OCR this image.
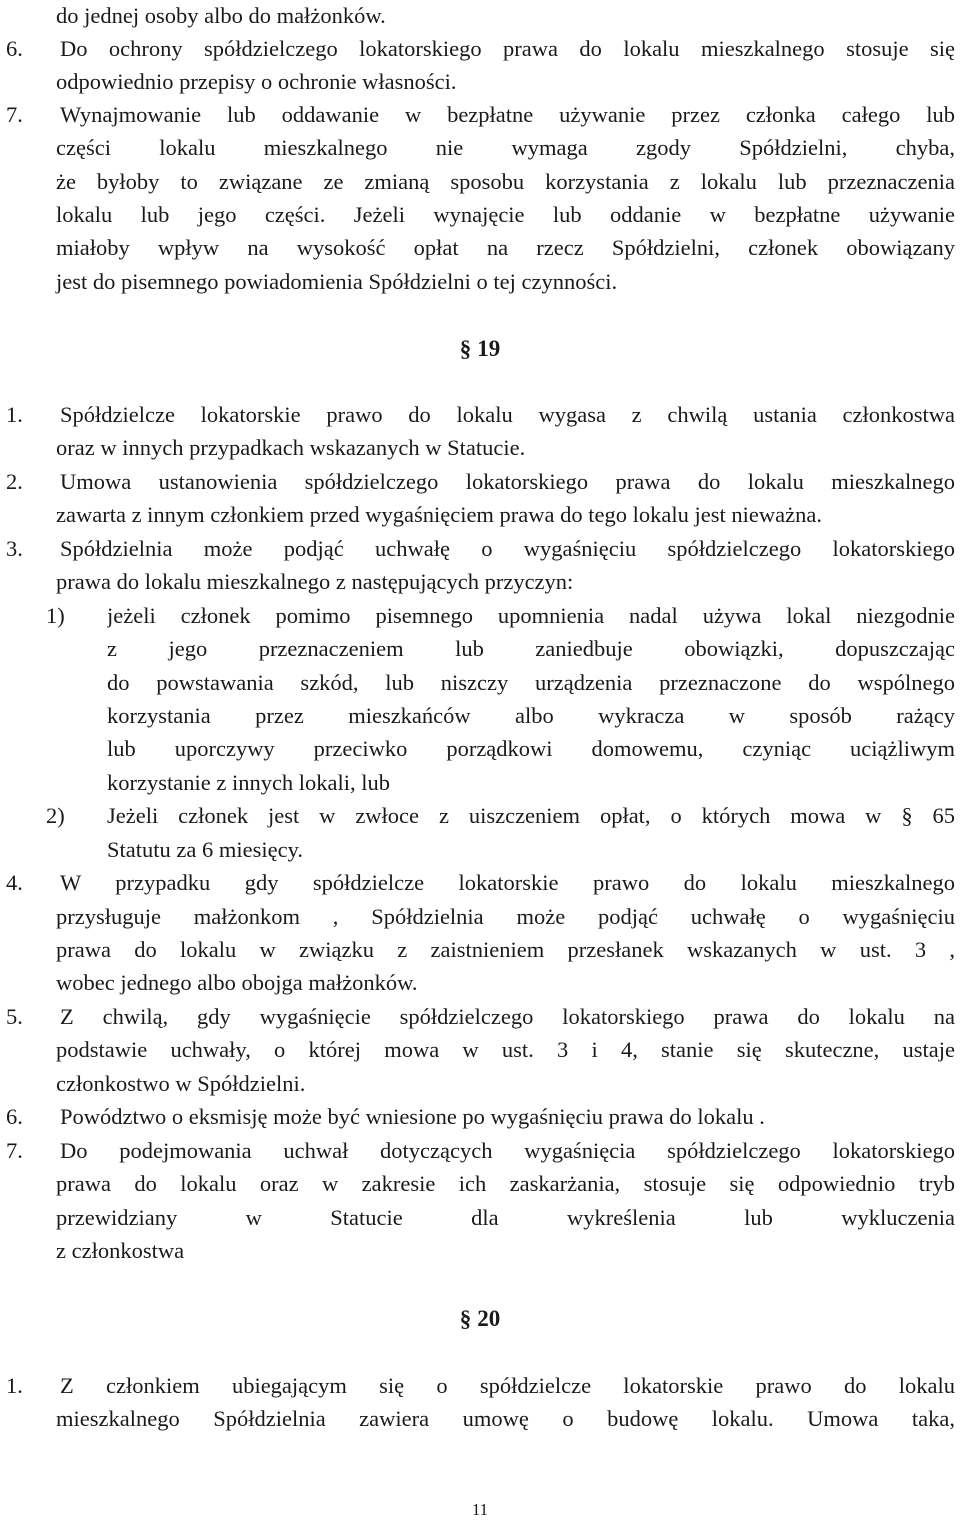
do jednej osoby albo do małżonków.
6. Do ochrony spółdzielczego lokatorskiego prawa do lokalu mieszkalnego stosuje się
odpowiednio przepisy o ochronie własności.
7. Wynajmowanie lub oddawanie w bezpłatne używanie przez członka całego lub
części lokalu mieszkalnego nie wymaga zgody Spółdzielni, chyba,
że byłoby to związane ze zmianą sposobu korzystania z lokalu lub przeznaczenia
lokalu lub jego części. Jeżeli wynajęcie lub oddanie w bezpłatne używanie
miałoby wpływ na wysokość opłat na rzecz Spółdzielni, członek obowiązany
jest do pisemnego powiadomienia Spółdzielni o tej czynności.
§ 19
1. Spółdzielcze lokatorskie prawo do lokalu wygasa z chwilą ustania członkostwa
oraz w innych przypadkach wskazanych w Statucie.
2. Umowa ustanowienia spółdzielczego lokatorskiego prawa do lokalu mieszkalnego
zawarta z innym członkiem przed wygaśnięciem prawa do tego lokalu jest nieważna.
3. Spółdzielnia może podjąć uchwałę o wygaśnięciu spółdzielczego lokatorskiego
prawa do lokalu mieszkalnego z następujących przyczyn:
1) jeżeli członek pomimo pisemnego upomnienia nadal używa lokal niezgodnie
z jego przeznaczeniem lub zaniedbuje obowiązki, dopuszczając
do powstawania szkód, lub niszczy urządzenia przeznaczone do wspólnego
korzystania przez mieszkańców albo wykracza w sposób rażący
lub uporczywy przeciwko porządkowi domowemu, czyniąc uciążliwym
korzystanie z innych lokali, lub
2) Jeżeli członek jest w zwłoce z uiszczeniem opłat, o których mowa w § 65
Statutu za 6 miesięcy.
4. W przypadku gdy spółdzielcze lokatorskie prawo do lokalu mieszkalnego
przysługuje małżonkom , Spółdzielnia może podjąć uchwałę o wygaśnięciu
prawa do lokalu w związku z zaistnieniem przesłanek wskazanych w ust. 3 ,
wobec jednego albo obojga małżonków.
5. Z chwilą, gdy wygaśnięcie spółdzielczego lokatorskiego prawa do lokalu na
podstawie uchwały, o której mowa w ust. 3 i 4, stanie się skuteczne, ustaje
członkostwo w Spółdzielni.
6. Powództwo o eksmisję może być wniesione po wygaśnięciu prawa do lokalu .
7. Do podejmowania uchwał dotyczących wygaśnięcia spółdzielczego lokatorskiego
prawa do lokalu oraz w zakresie ich zaskarżania, stosuje się odpowiednio tryb
przewidziany w Statucie dla wykreślenia lub wykluczenia
z członkostwa
§ 20
1. Z członkiem ubiegającym się o spółdzielcze lokatorskie prawo do lokalu
mieszkalnego Spółdzielnia zawiera umowę o budowę lokalu. Umowa taka,
11
